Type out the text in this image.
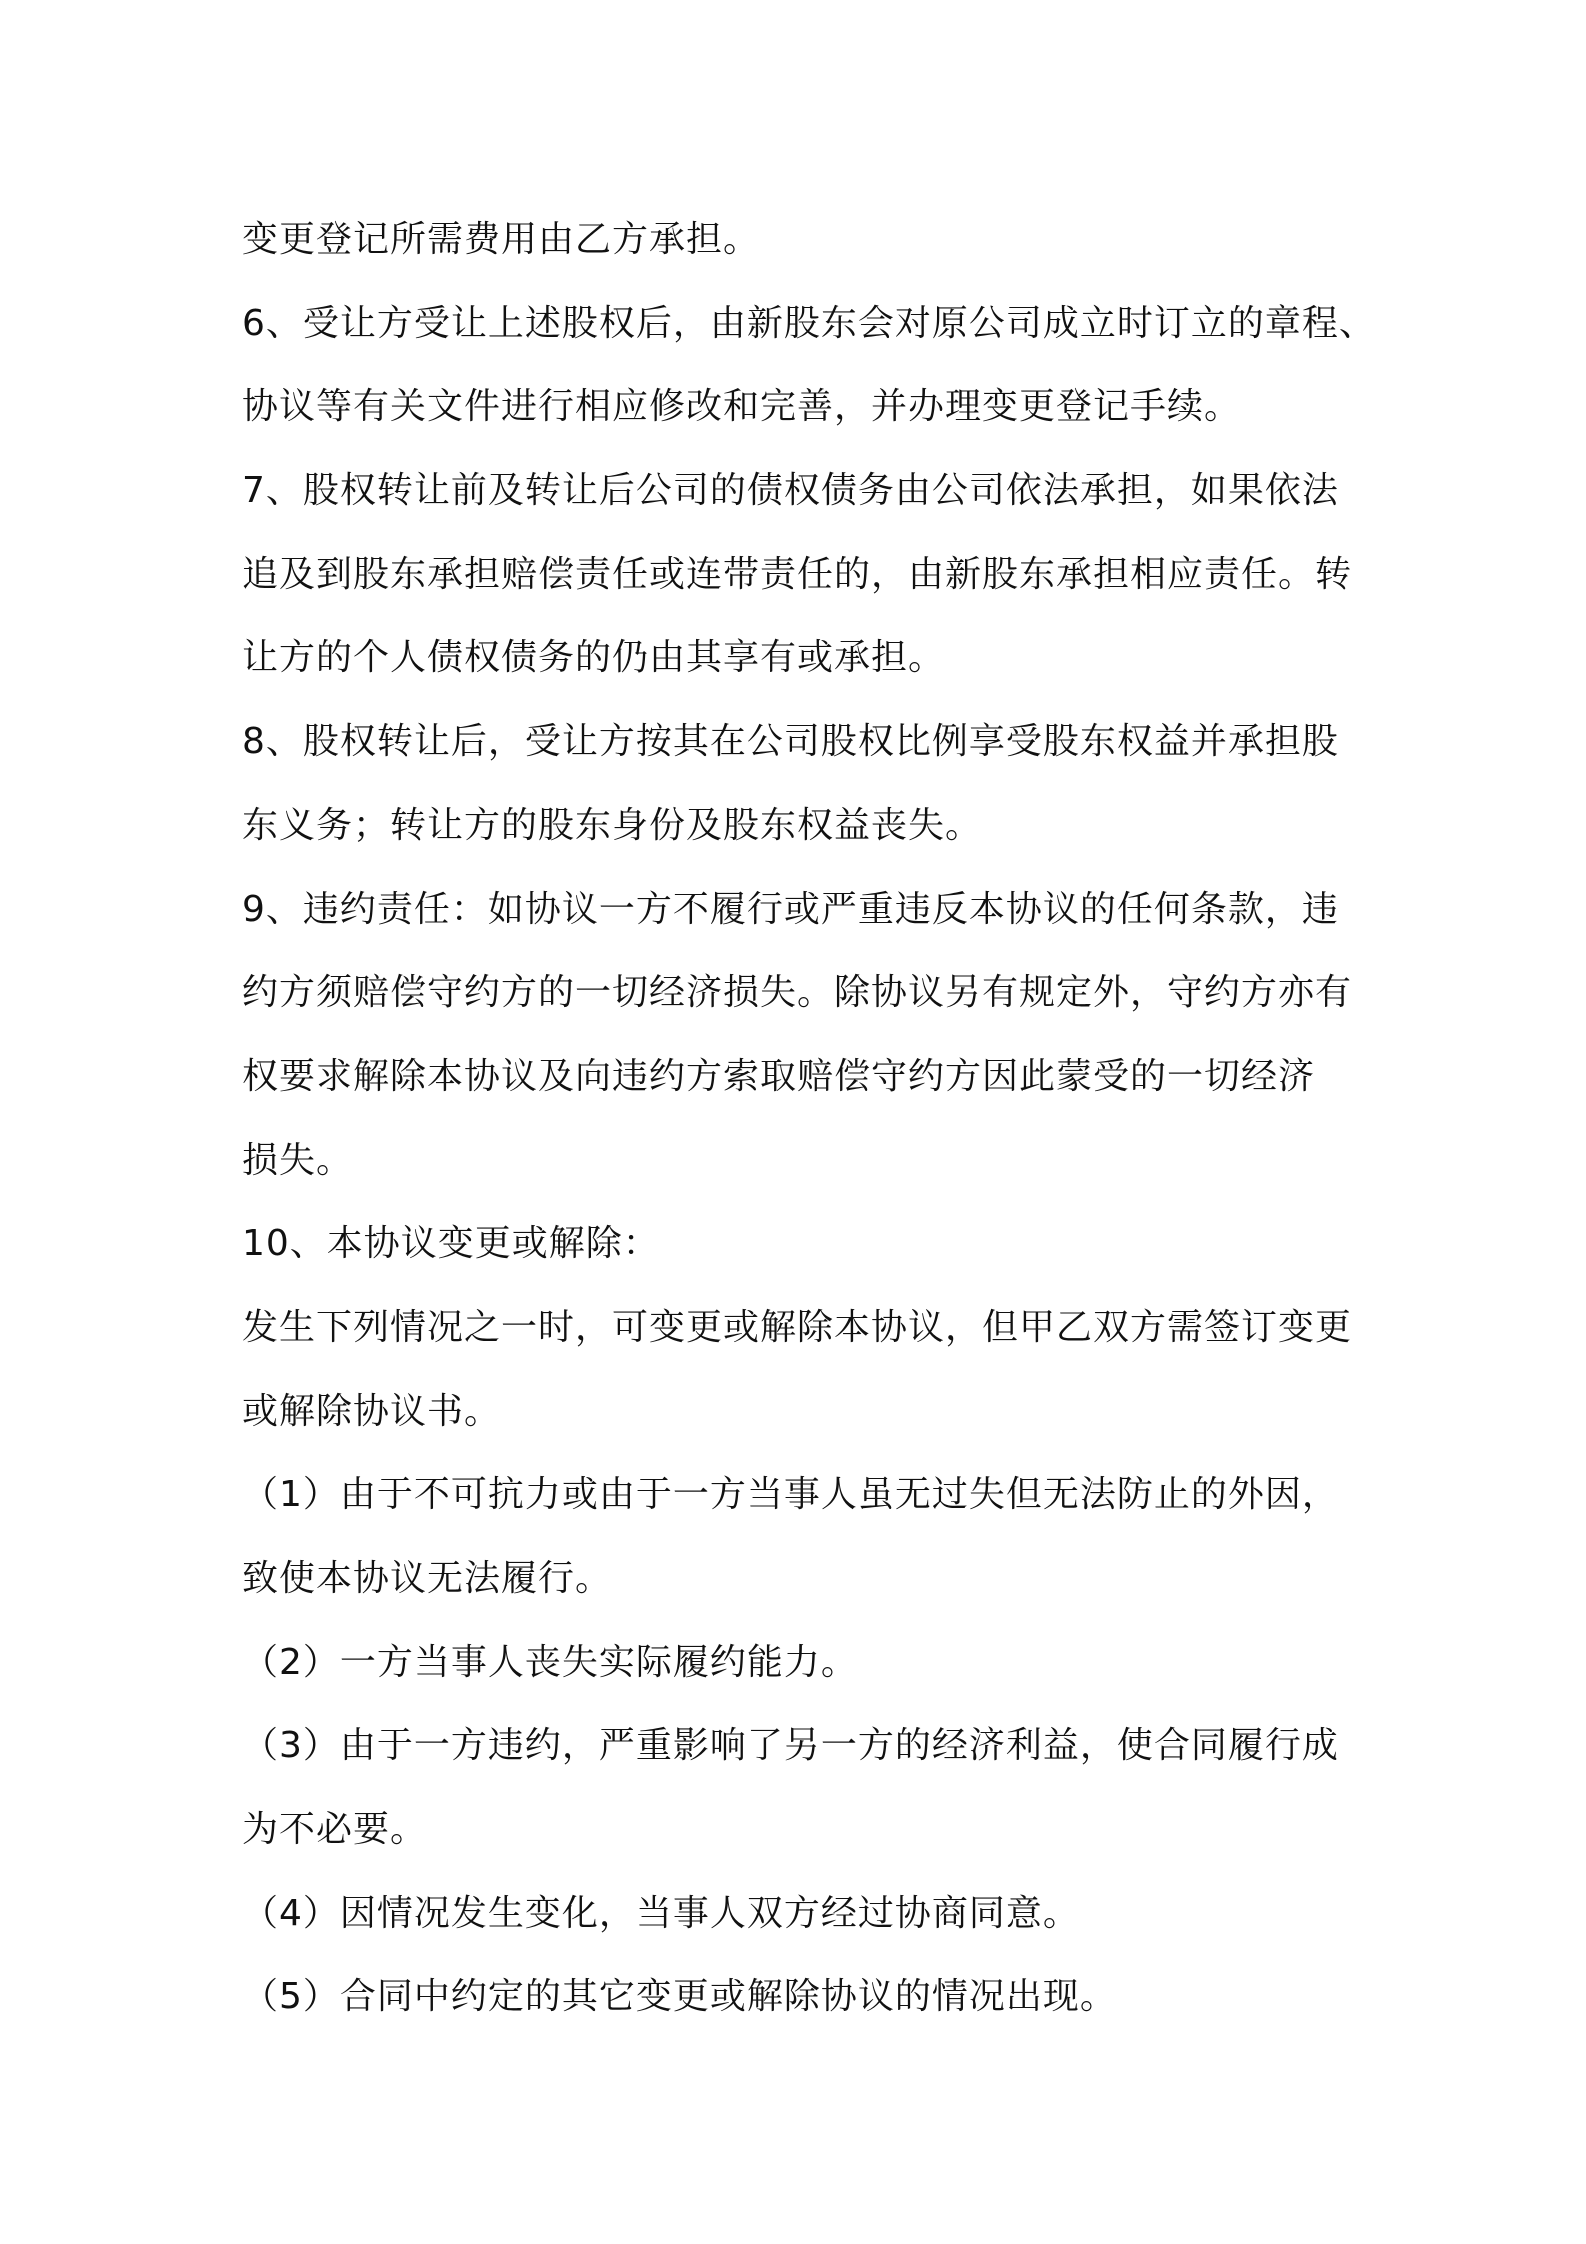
变更登记所需费用由乙方承担。
6、受让方受让上述股权后，由新股东会对原公司成立时订立的章程、
协议等有关文件进行相应修改和完善，并办理变更登记手续。
7、股权转让前及转让后公司的债权债务由公司依法承担，如果依法
追及到股东承担赔偿责任或连带责任的，由新股东承担相应责任。转
让方的个人债权债务的仍由其享有或承担。
8、股权转让后，受让方按其在公司股权比例享受股东权益并承担股
东义务；转让方的股东身份及股东权益丧失。
9、违约责任：如协议一方不履行或严重违反本协议的任何条款，违
约方须赔偿守约方的一切经济损失。除协议另有规定外，守约方亦有
权要求解除本协议及向违约方索取赔偿守约方因此蒙受的一切经济
损失。
10、本协议变更或解除：
发生下列情况之一时，可变更或解除本协议，但甲乙双方需签订变更
或解除协议书。
（1）由于不可抗力或由于一方当事人虽无过失但无法防止的外因，
致使本协议无法履行。
（2）一方当事人丧失实际履约能力。
（3）由于一方违约，严重影响了另一方的经济利益，使合同履行成
为不必要。
（4）因情况发生变化，当事人双方经过协商同意。
（5）合同中约定的其它变更或解除协议的情况出现。
